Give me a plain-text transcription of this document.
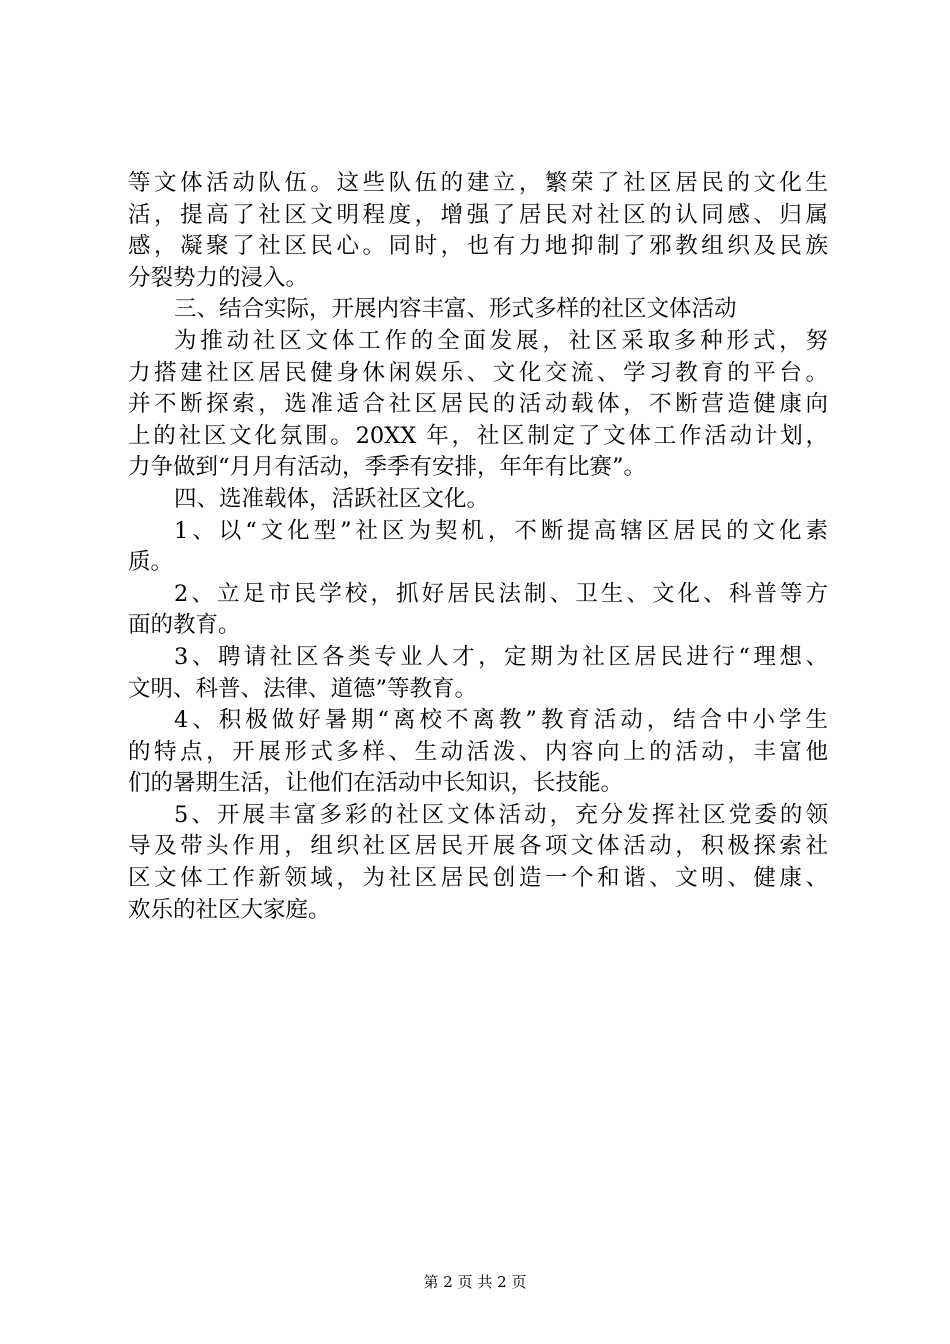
等文体活动队伍。这些队伍的建立，繁荣了社区居民的文化生
活，提高了社区文明程度，增强了居民对社区的认同感、归属
感，凝聚了社区民心。同时，也有力地抑制了邪教组织及民族
分裂势力的浸入。
三、结合实际，开展内容丰富、形式多样的社区文体活动
为推动社区文体工作的全面发展，社区采取多种形式，努
力搭建社区居民健身休闲娱乐、文化交流、学习教育的平台。
并不断探索，选准适合社区居民的活动载体，不断营造健康向
上的社区文化氛围。20XX 年，社区制定了文体工作活动计划，
力争做到“月月有活动，季季有安排，年年有比赛”。
四、选准载体，活跃社区文化。
1、以“文化型”社区为契机，不断提高辖区居民的文化素
质。
2、立足市民学校，抓好居民法制、卫生、文化、科普等方
面的教育。
3、聘请社区各类专业人才，定期为社区居民进行“理想、
文明、科普、法律、道德”等教育。
4、积极做好暑期“离校不离教”教育活动，结合中小学生
的特点，开展形式多样、生动活泼、内容向上的活动，丰富他
们的暑期生活，让他们在活动中长知识，长技能。
5、开展丰富多彩的社区文体活动，充分发挥社区党委的领
导及带头作用，组织社区居民开展各项文体活动，积极探索社
区文体工作新领域，为社区居民创造一个和谐、文明、健康、
欢乐的社区大家庭。
第 2 页 共 2 页
